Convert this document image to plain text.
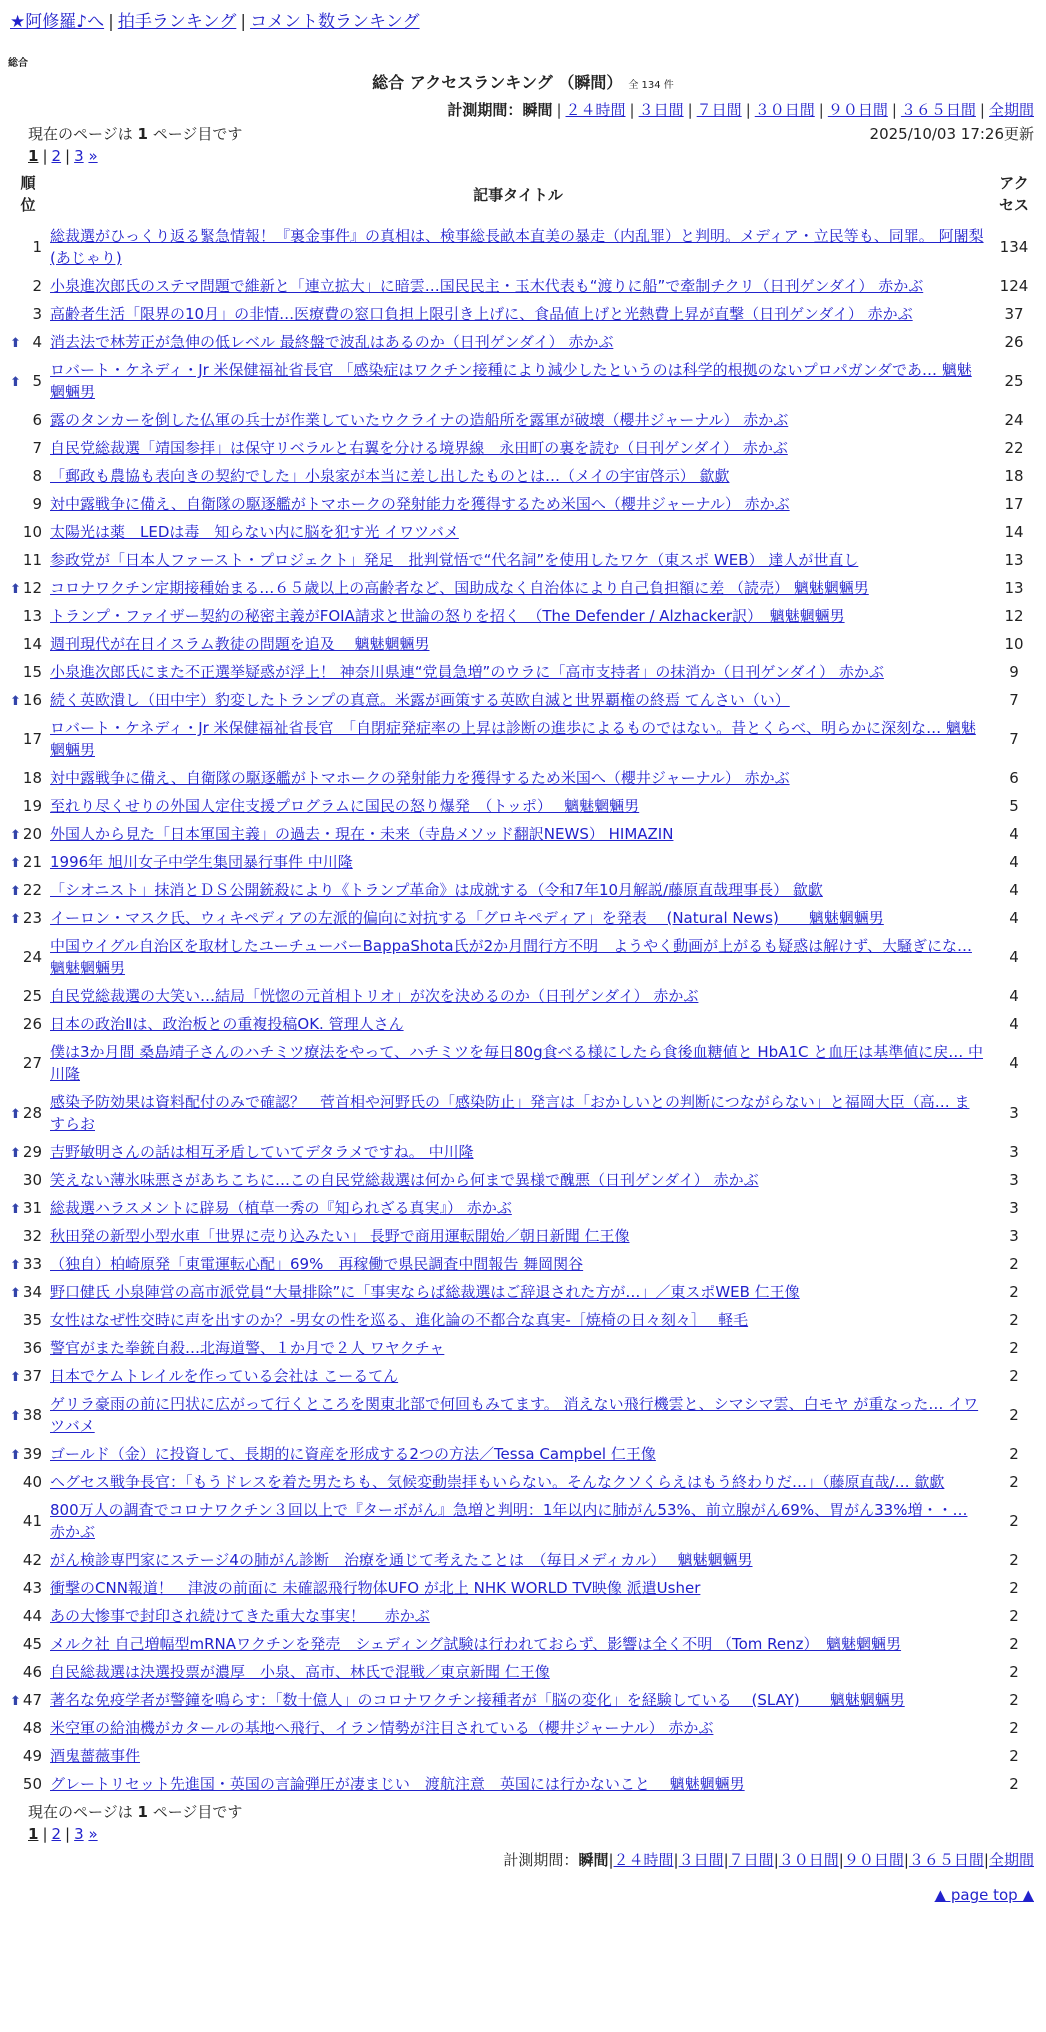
★阿修羅♪へ | 拍手ランキング | コメント数ランキング
総合
総合 アクセスランキング （瞬間） 全 134 件
計測期間：瞬間 | ２４時間 | ３日間 | ７日間 | ３０日間 | ９０日間 | ３６５日間 | 全期間
現在のページは 1 ページ目です	2025/10/03 17:26更新
1 | 2 | 3 »
順
位	記事タイトル	アク
セス
1	総裁選がひっくり返る緊急情報！『裏金事件』の真相は、検事総長畝本直美の暴走（内乱罪）と判明。メディア・立民等も、同罪。 阿闍梨(あじゃり)	134
2	小泉進次郎氏のステマ問題で維新と「連立拡大」に暗雲…国民民主・玉木代表も“渡りに船”で牽制チクリ（日刊ゲンダイ） 赤かぶ	124
3	高齢者生活「限界の10月」の非情…医療費の窓口負担上限引き上げに、食品値上げと光熱費上昇が直撃（日刊ゲンダイ） 赤かぶ	37

⬆ 4	消去法で林芳正が急伸の低レベル 最終盤で波乱はあるのか（日刊ゲンダイ） 赤かぶ	26

⬆ 5	ロバート・ケネディ・Jr 米保健福祉省長官 「感染症はワクチン接種により減少したというのは科学的根拠のないプロパガンダであ… 魑魅魍魎男	25
6	露のタンカーを倒した仏軍の兵士が作業していたウクライナの造船所を露軍が破壊（櫻井ジャーナル） 赤かぶ	24
7	自民党総裁選「靖国参拝」は保守リベラルと右翼を分ける境界線　永田町の裏を読む（日刊ゲンダイ） 赤かぶ	22
8	「郵政も農協も表向きの契約でした」小泉家が本当に差し出したものとは…（メイの宇宙啓示） 歙歔	18
9	対中露戦争に備え、自衛隊の駆逐艦がトマホークの発射能力を獲得するため米国へ（櫻井ジャーナル） 赤かぶ	17
10	太陽光は薬　LEDは毒　知らない内に脳を犯す光 イワツバメ	14
11	参政党が「日本人ファースト・プロジェクト」発足　批判覚悟で“代名詞”を使用したワケ（東スポ WEB） 達人が世直し	13

⬆ 12	コロナワクチン定期接種始まる…６５歳以上の高齢者など、国助成なく自治体により自己負担額に差 （読売） 魑魅魍魎男	13
13	トランプ・ファイザー契約の秘密主義がFOIA請求と世論の怒りを招く　（The Defender / Alzhacker訳）　魑魅魍魎男	12
14	週刊現代が在日イスラム教徒の問題を追及　 魑魅魍魎男	10
15	小泉進次郎氏にまた不正選挙疑惑が浮上！ 神奈川県連“党員急増”のウラに「高市支持者」の抹消か（日刊ゲンダイ） 赤かぶ	9

⬆ 16	続く英欧潰し（田中宇）豹変したトランプの真意。米露が画策する英欧自滅と世界覇権の終焉 てんさい（い）	7
17	ロバート・ケネディ・Jr 米保健福祉省長官　「自閉症発症率の上昇は診断の進歩によるものではない。昔とくらべ、明らかに深刻な… 魑魅魍魎男	7
18	対中露戦争に備え、自衛隊の駆逐艦がトマホークの発射能力を獲得するため米国へ（櫻井ジャーナル） 赤かぶ	6
19	至れり尽くせりの外国人定住支援プログラムに国民の怒り爆発　（トッポ）　 魑魅魍魎男	5

⬆ 20	外国人から見た「日本軍国主義」の過去・現在・未来（寺島メソッド翻訳NEWS） HIMAZIN	4

⬆ 21	1996年 旭川女子中学生集団暴行事件 中川隆	4

⬆ 22	「シオニスト」抹消とＤＳ公開銃殺により《トランプ革命》は成就する（令和7年10月解説/藤原直哉理事長） 歙歔	4

⬆ 23	イーロン・マスク氏、ウィキペディアの左派的偏向に対抗する「グロキペディア」を発表 　(Natural News)　　魑魅魍魎男	4
24	中国ウイグル自治区を取材したユーチューバーBappaShota氏が2か月間行方不明　ようやく動画が上がるも疑惑は解けず、大騒ぎにな… 魑魅魍魎男	4
25	自民党総裁選の大笑い…結局「恍惚の元首相トリオ」が次を決めるのか（日刊ゲンダイ） 赤かぶ	4
26	日本の政治Ⅱは、政治板との重複投稿OK. 管理人さん	4
27	僕は3か月間 桑島靖子さんのハチミツ療法をやって、ハチミツを毎日80g食べる様にしたら食後血糖値と HbA1C と血圧は基準値に戻… 中川隆	4

⬆ 28	感染予防効果は資料配付のみで確認？　菅首相や河野氏の「感染防止」発言は「おかしいとの判断につながらない」と福岡大臣（高… ますらお	3

⬆ 29	吉野敏明さんの話は相互矛盾していてデタラメですね。 中川隆	3
30	笑えない薄氷味悪さがあちこちに…この自民党総裁選は何から何まで異様で醜悪（日刊ゲンダイ） 赤かぶ	3

⬆ 31	総裁選ハラスメントに辟易（植草一秀の『知られざる真実』） 赤かぶ	3
32	秋田発の新型小型水車「世界に売り込みたい」 長野で商用運転開始／朝日新聞 仁王像	3

⬆ 33	（独自）柏崎原発「東電運転心配」69%　再稼働で県民調査中間報告 舞岡関谷	2

⬆ 34	野口健氏 小泉陣営の高市派党員“大量排除”に「事実ならば総裁選はご辞退された方が…」／東スポWEB 仁王像	2
35	女性はなぜ性交時に声を出すのか？-男女の性を巡る、進化論の不都合な真実-［焼椅の日々刻々］　 軽毛	2
36	警官がまた拳銃自殺…北海道警、１か月で２人 ワヤクチャ	2

⬆ 37	日本でケムトレイルを作っている会社は こーるてん	2

⬆ 38	ゲリラ豪雨の前に円状に広がって行くところを関東北部で何回もみてます。 消えない飛行機雲と、シマシマ雲、白モヤ が重なった… イワツバメ	2

⬆ 39	ゴールド（金）に投資して、長期的に資産を形成する2つの方法／Tessa Campbel 仁王像	2
40	ヘグセス戦争長官：「もうドレスを着た男たちも、気候変動崇拝もいらない。そんなクソくらえはもう終わりだ…」（藤原直哉/… 歙歔	2
41	800万人の調査でコロナワクチン３回以上で『ターボがん』急増と判明：1年以内に肺がん53%、前立腺がん69%、胃がん33%増・・… 赤かぶ	2
42	がん検診専門家にステージ4の肺がん診断　治療を通じて考えたことは　（毎日メディカル）　 魑魅魍魎男	2
43	衝撃のCNN報道！　津波の前面に 未確認飛行物体UFO が北上 NHK WORLD TV映像 派遣Usher	2
44	あの大惨事で封印され続けてきた重大な事実！　 赤かぶ	2
45	メルク社 自己増幅型mRNAワクチンを発売　シェディング試験は行われておらず、影響は全く不明 （Tom Renz）　魑魅魍魎男	2
46	自民総裁選は決選投票が濃厚　小泉、高市、林氏で混戦／東京新聞 仁王像	2

⬆ 47	著名な免疫学者が警鐘を鳴らす：「数十億人」のコロナワクチン接種者が「脳の変化」を経験している 　(SLAY)　　魑魅魍魎男	2
48	米空軍の給油機がカタールの基地へ飛行、イラン情勢が注目されている（櫻井ジャーナル） 赤かぶ	2
49	酒鬼薔薇事件	2
50	グレートリセット先進国・英国の言論弾圧が凄まじい　渡航注意　英国には行かないこと　 魑魅魍魎男	2
現在のページは 1 ページ目です
1 | 2 | 3 »
計測期間：瞬間|２４時間|３日間|７日間|３０日間|９０日間|３６５日間|全期間
▲ page top ▲
